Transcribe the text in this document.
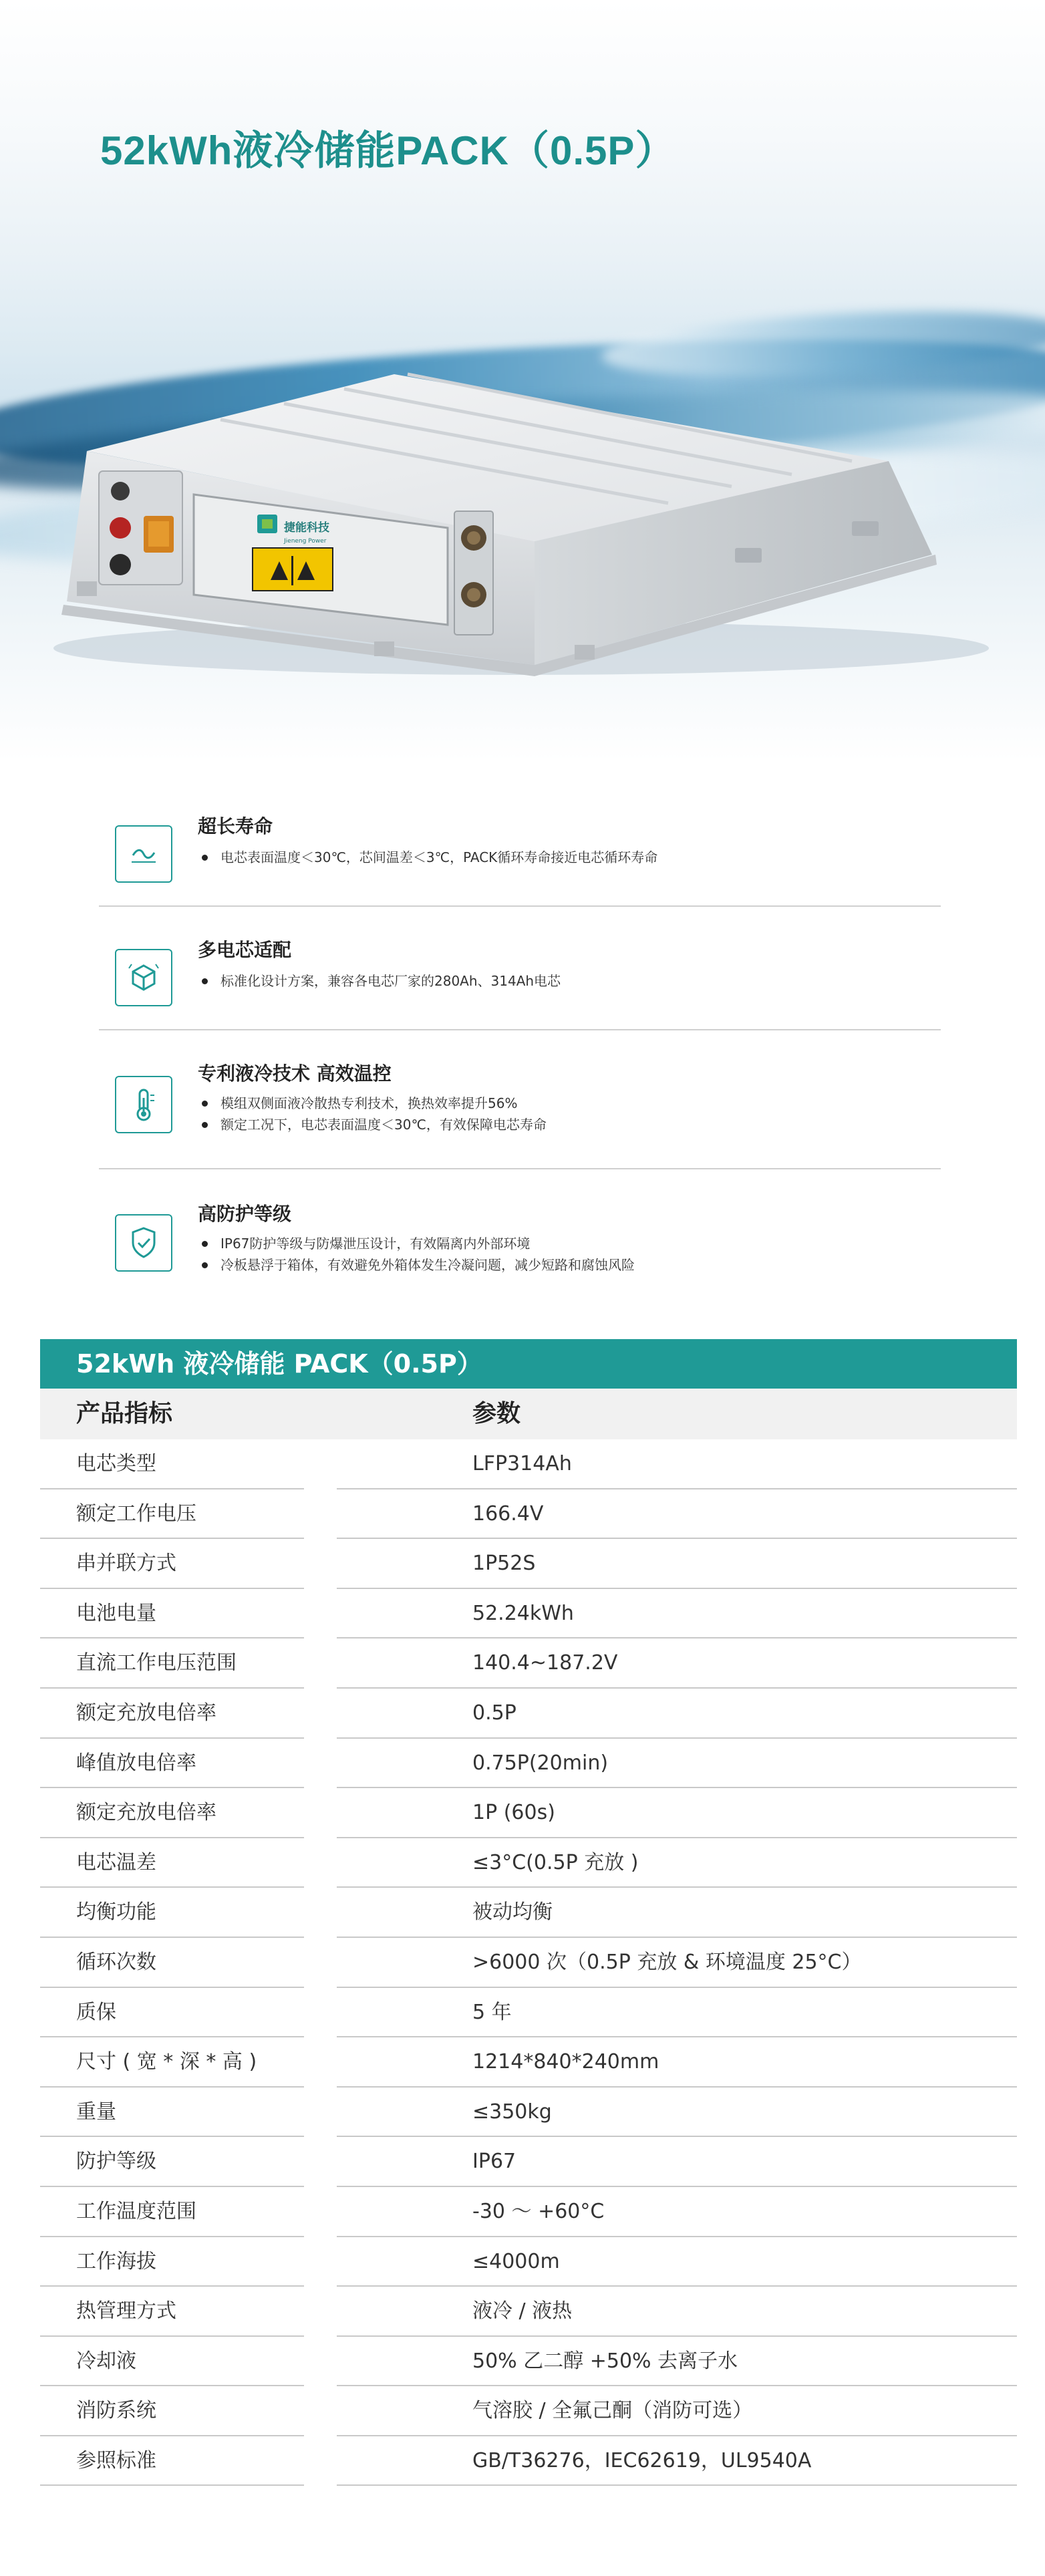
52kWh液冷储能PACK（0.5P）
捷能科技
Jieneng Power
超长寿命
电芯表面温度＜30℃，芯间温差＜3℃，PACK循环寿命接近电芯循环寿命
多电芯适配
标准化设计方案，兼容各电芯厂家的280Ah、314Ah电芯
专利液冷技术 高效温控
模组双侧面液冷散热专利技术，换热效率提升56%
额定工况下，电芯表面温度＜30℃，有效保障电芯寿命
高防护等级
IP67防护等级与防爆泄压设计，有效隔离内外部环境
冷板悬浮于箱体，有效避免外箱体发生冷凝问题，减少短路和腐蚀风险
52kWh 液冷储能 PACK（0.5P）
产品指标	参数
电芯类型	LFP314Ah
额定工作电压	166.4V
串并联方式	1P52S
电池电量	52.24kWh
直流工作电压范围	140.4~187.2V
额定充放电倍率	0.5P
峰值放电倍率	0.75P(20min)
额定充放电倍率	1P (60s)
电芯温差	≤3°C(0.5P 充放 )
均衡功能	被动均衡
循环次数	>6000 次（0.5P 充放 & 环境温度 25°C）
质保	5 年
尺寸 ( 宽 * 深 * 高 )	1214*840*240mm
重量	≤350kg
防护等级	IP67
工作温度范围	-30 ～ +60°C
工作海拔	≤4000m
热管理方式	液冷 / 液热
冷却液	50% 乙二醇 +50% 去离子水
消防系统	气溶胶 / 全氟己酮（消防可选）
参照标准	GB/T36276，IEC62619，UL9540A
